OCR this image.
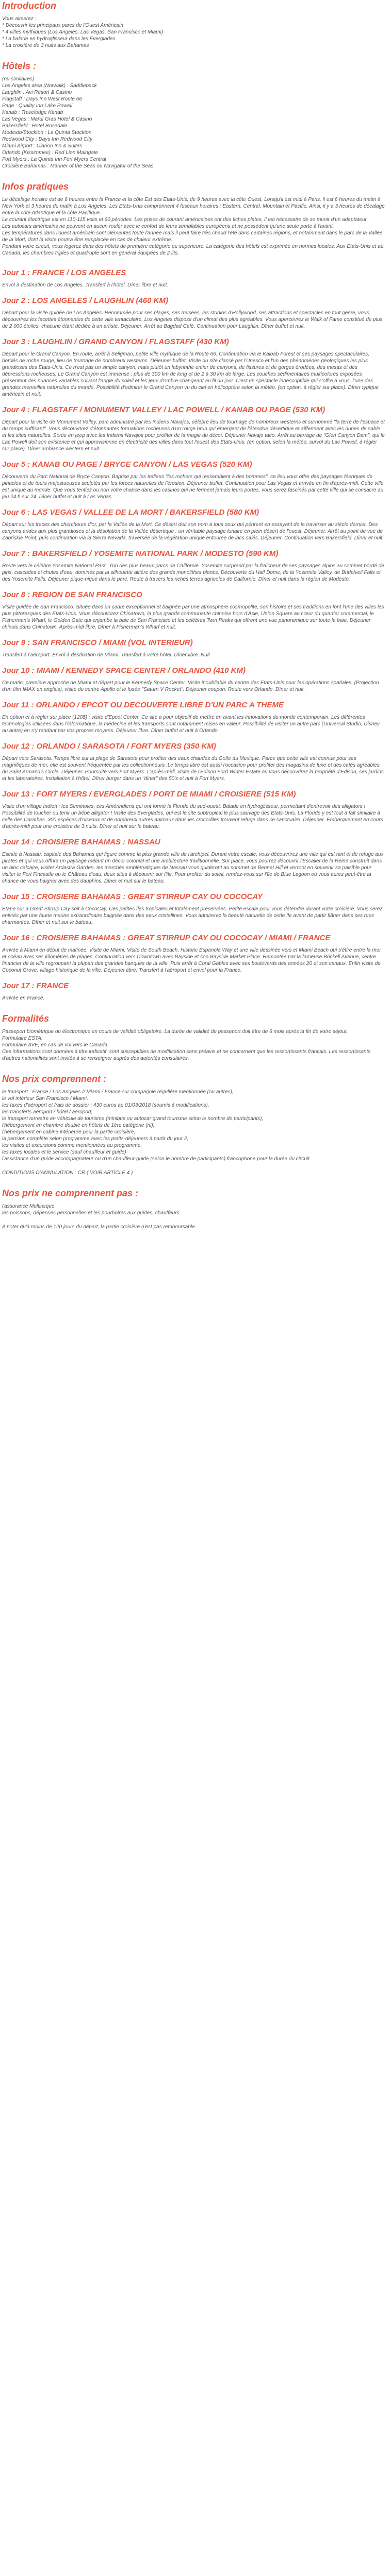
Introduction
Vous aimerez :
* Découvrir les principaux parcs de l'Ouest Américain
* 4 villes mythiques (Los Angeles, Las Vegas, San Francisco et Miami)
* La balade en hydroglisseur dans les Everglades
* La croisière de 3 nuits aux Bahamas
Hôtels :
(ou similaires)
Los Angeles area (Norwalk) : Saddleback
Laughlin : Avi Resort & Casino
Flagstaff : Days Inn West Route 66
Page : Quality Inn Lake Powell
Kanab : Travelodge Kanab
Las Vegas : Mardi Gras Hotel & Casino
Bakersfield : Hotel Rosedale
Modesto/Stockton : La Quinta Stockton
Redwood City : Days Inn Redwood City
Miami Airport : Clarion Inn & Suites
Orlando (Kissimmee) : Red Lion Maingate
Fort Myers : La Quinta Inn Fort Myers Central
Croisière Bahamas : Mariner of the Seas ou Navigator of the Seas
Infos pratiques
Le décalage horaire est de 6 heures entre la France et la côte Est des Etats-Unis, de 9 heures avec la côte Ouest. Lorsqu'il est midi à Paris, il est 6 heures du matin à New York et 3 heures du matin à Los Angeles. Les Etats-Unis comprennent 4 fuseaux horaires : Eastern, Central, Mountain et Pacific. Ainsi, il y a 3 heures de décalage entre la côte Atlantique et la côte Pacifique.
Le courant électrique est en 110-115 volts et 60 périodes. Les prises de courant américaines ont des fiches plates, il est nécessaire de se munir d'un adaptateur.
Les autocars américains ne peuvent en aucun rouler avec le confort de leurs semblables européens et ne possèdent qu'une seule porte à l'avant.
Les températures dans l'ouest américain sont clémentes toute l'année mais il peut faire très chaud l'été dans certaines régions, et notamment dans le parc de la Vallée de la Mort, dont la visite pourra être remplacée en cas de chaleur extrême.
Pendant votre circuit, vous logerez dans des hôtels de première catégorie ou supérieure. La catégorie des hôtels est exprimée en normes locales. Aux Etats-Unis et au Canada, les chambres triples et quadruple sont en général équipées de 2 lits.
Jour 1 : FRANCE / LOS ANGELES

Envol à destination de Los Angeles. Transfert à l'hôtel. Dîner libre et nuit.

Jour 2 : LOS ANGELES / LAUGHLIN (460 KM)

Départ pour la visite guidée de Los Angeles. Renommée pour ses plages, ses musées, les studios d'Hollywood, ses attractions et spectacles en tout genre, vous découvrirez les facettes étonnantes de cette ville tentaculaire. Los Angeles dispose d'un climat des plus agréables. Vous apercevrez le Walk of Fame constitué de plus de 2 000 étoiles, chacune étant dédiée à un artiste. Déjeuner. Arrêt au Bagdad Café. Continuation pour Laughlin. Dîner buffet et nuit.

Jour 3 : LAUGHLIN / GRAND CANYON / FLAGSTAFF (430 KM)

Départ pour le Grand Canyon. En route, arrêt à Seligman, petite ville mythique de la Route 66. Continuation via le Kaibab Forest et ses paysages spectaculaires, bordés de roche rouge, lieu de tournage de nombreux westerns. Déjeuner buffet. Visite du site classé par l'Unesco et l'un des phénomènes géologiques les plus grandioses des Etats-Unis. Ce n'est pas un simple canyon, mais plutôt un labyrinthe entier de canyons, de fissures et de gorges érodées, des mesas et des dépressions rocheuses. Le Grand Canyon est immense : plus de 300 km de long et de 2 à 30 km de large. Les couches sédimentaires multicolores exposées présentent des nuances variables suivant l'angle du soleil et les jeux d'ombre changeant au fil du jour. C'est un spectacle indescriptible qui s'offre à vous, l'une des grandes merveilles naturelles du monde. Possibilité d'admirer le Grand Canyon vu du ciel en hélicoptère selon la météo, (en option, à régler sur place). Dîner typique américain et nuit.

Jour 4 : FLAGSTAFF / MONUMENT VALLEY / LAC POWELL / KANAB OU PAGE (530 KM)

Départ pour la visite de Monument Valley, parc administré par les Indiens Navajos, célèbre lieu de tournage de nombreux westerns et surnommé "la terre de l'espace et du temps suffisant". Vous découvrirez d'étonnantes formations rocheuses d'un rouge brun qui émergent de l'étendue désertique et aiffennent avec les dunes de sable et les sites naturelles. Sortie en jeep avec les Indiens Navajos pour profiter de la magie du décor. Déjeuner Navajo taco. Arrêt au barrage de "Glen Canyon Dam", qui le Lac Powell doit son existence et qui approvisionne en électricité des villes dans tout l'ouest des Etats-Unis. (en option, selon la météo, survol du Lac Powell, à régler sur place). Dîner ambiance western et nuit.

Jour 5 : KANAB OU PAGE / BRYCE CANYON / LAS VEGAS (520 KM)

Découverte du Parc National de Bryce Canyon. Baptisé par les Indiens "les rochers qui ressemblent à des hommes", ce lieu vous offre des paysages féeriques de pinacles et de tours majestueuses sculptés par les forces naturelles de l'érosion. Déjeuner buffet. Continuation pour Las Vegas et arrivée en fin d'après-midi. Cette ville est unique au monde. Que vous tentiez ou non votre chance dans les casinos qui ne ferment jamais leurs portes, vous serez fascinés par cette ville qui se consacre au jeu 24 h sur 24. Dîner buffet et nuit à Las Vegas.

Jour 6 : LAS VEGAS / VALLEE DE LA MORT / BAKERSFIELD (580 KM)

Départ sur les traces des chercheurs d'or, par la Vallée de la Mort. Ce désert doit son nom à tous ceux qui périrent en essayant de la traverser au siècle dernier. Des canyons arides aux plus grandioses et la désolation de la Vallée désertique : un véritable paysage lunaire en plein désert de l'ouest. Déjeuner. Arrêt au point de vue de Zabriskie Point, puis continuation via la Sierra Nevada, traversée de la végétation unique entourée de lacs salés. Déjeuner. Continuation vers Bakersfield. Dîner et nuit.

Jour 7 : BAKERSFIELD / YOSEMITE NATIONAL PARK / MODESTO (590 KM)

Route vers le célèbre Yosemite National Park : l'un des plus beaux parcs de Californie. Yosemite surprend par la fraîcheur de ses paysages alpins au sommet bordé de pins, cascades et chutes d'eau, dominés par la silhouette altière des grands monolithes blancs. Découverte du Half Dome, de la Yosemite Valley, de Bridalveil Falls et des Yosemite Falls. Déjeuner pique-nique dans le parc. Route à travers les riches terres agricoles de Californie. Dîner et nuit dans la région de Modesto.

Jour 8 : REGION DE SAN FRANCISCO

Visite guidée de San Francisco. Située dans un cadre exceptionnel et baignée par une atmosphère cosmopolite, son histoire et ses traditions en font l'une des villes les plus pittoresques des Etats-Unis. Vous découvrirez Chinatown, la plus grande communauté chinoise hors d'Asie, Union Square au cœur du quartier commercial, le Fisherman's Wharf, le Golden Gate qui enjambe la baie de San Francisco et les célèbres Twin Peaks qui offrent une vue panoramique sur toute la baie. Déjeuner chinois dans Chinatown. Après-midi libre. Dîner à Fisherman's Wharf et nuit.

Jour 9 : SAN FRANCISCO / MIAMI (VOL INTERIEUR)

Transfert à l'aéroport. Envol à destination de Miami. Transfert à votre hôtel. Dîner libre. Nuit

Jour 10 : MIAMI / KENNEDY SPACE CENTER / ORLANDO (410 KM)

Ce matin, première approche de Miami et départ pour le Kennedy Space Center. Visite inoubliable du centre des Etats-Unis pour les opérations spatiales. (Projection d'un film IMAX en anglais), visite du centre Apollo et le fusée "Saturn V Rocket". Déjeuner coupon. Route vers Orlando. Dîner et nuit.

Jour 11 : ORLANDO / EPCOT OU DECOUVERTE LIBRE D'UN PARC A THEME

En option et à régler sur place (120$) : visite d'Epcot Center. Ce site a pour objectif de mettre en avant les innovations du monde contemporain. Les différentes technologies utilisées dans l'informatique, la médecine et les transports sont notamment mises en valeur. Possibilité de visiter un autre parc (Universal Studio, Disney ou autre) en s'y rendant par vos propres moyens. Déjeuner libre. Dîner buffet et nuit à Orlando.

Jour 12 : ORLANDO / SARASOTA / FORT MYERS (350 KM)

Départ vers Sarasota. Temps libre sur la plage de Sarasota pour profiter des eaux chaudes du Golfe du Mexique. Parce que cette ville est connue pour ses magnifiques de mer, elle est souvent fréquentée par les collectionneurs. Le temps libre est aussi l'occasion pour profiter des magasins de luxe et des cafés agréables du Saint Armand's Circle. Déjeuner. Poursuite vers Fort Myers. L'après-midi, visite de l'Edison Ford Winter Estate où vous découvrirez la propriété d'Edison, ses jardins et les laboratoires. Installation à l'hôtel. Dîner burger dans un "diner" des 50's et nuit à Fort Myers.

Jour 13 : FORT MYERS / EVERGLADES / PORT DE MIAMI / CROISIERE (515 KM)

Visite d'un village Indien : les Seminoles, ces Amérindiens qui ont formé la Floride du sud-ouest. Balade en hydroglisseur, permettant d'entrevoir des alligators ! Possibilité de toucher ou tenir un bébé alligator ! Visite des Everglades, qui est le site subtropical le plus sauvage des Etats-Unis. La Floride y est tout à fait similaire à celle des Caraïbes. 300 espèces d'oiseaux et de nombreux autres animaux dans les crocodiles trouvent refuge dans ce sanctuaire. Déjeuner. Embarquement en cours d'après-midi pour une croisière de 3 nuits. Dîner et nuit sur le bateau.

Jour 14 : CROISIERE BAHAMAS : NASSAU

Escale à Nassau, capitale des Bahamas qui figure comme la plus grande ville de l'archipel. Durant votre escale, vous découvrirez une ville qui est tant et de refuge aux pirates et qui vous offrira un paysage mêlant un décor colonial et une architecture traditionnelle. Sur place, vous pourrez découvrir l'Escalier de la Reine construit dans un bloc calcaire, visiter Ardastra Garden, les marchés emblématiques de Nassau vous guideront au sommet de Bennet Hill et verront en souvenir sa paisible pour visiter le Fort Fincastle ou le Château d'eau, deux sites à découvrir sur l'île. Pour profiter du soleil, rendez-vous sur l'île de Blue Lagoon où vous aurez peut-être la chance de vous baigner avec des dauphins. Dîner et nuit sur le bateau.

Jour 15 : CROISIERE BAHAMAS : GREAT STIRRUP CAY OU COCOCAY

Étape sur à Great Stirrup Cay soit à CocoCay. Ces petites îles tropicales et totalement préservées. Petite escale pour vous détendre durant votre croisière. Vous serez enivrés par une faune marine extraordinaire baignée dans des eaux cristallines. Vous admirerez la beauté naturelle de cette île avant de partir flâner dans ses rues charmantes. Dîner et nuit sur le bateau.

Jour 16 : CROISIERE BAHAMAS : GREAT STIRRUP CAY OU COCOCAY / MIAMI / FRANCE

Arrivée à Miami en début de matinée. Visite de Miami. Visite de South Beach, Historic Espanola Way et une ville dessinée vers et Miami Beach qui s'étire entre la mer et océan avec ses kilomètres de plages. Continuation vers Downtown avec Bayside et son Bayside Market Place. Remontée par la fameuse Brickell Avenue, centre financier de la ville regroupant la plupart des grandes banques de la ville. Puis arrêt à Coral Gables avec ses boulevards des années 20 et son canaux. Enfin visite de Coconut Grove, village historique de la ville. Déjeuner libre. Transfert à l'aéroport et envol pour la France.

Jour 17 : FRANCE

Arrivée en France.

Formalités
Passeport biométrique ou électronique en cours de validité obligatoire. La durée de validité du passeport doit être de 6 mois après la fin de votre séjour.
Formulaire ESTA.
Formulaire AVE, en cas de vol vers le Canada.
Ces informations sont données à titre indicatif, sont susceptibles de modification sans préavis et ne concernent que les ressortissants français. Les ressortissants d'autres nationalités sont invités à se renseigner auprès des autorités consulaires.
Nos prix comprennent :
le transport : France / Los Angeles // Miami / France sur compagnie régulière mentionnée (ou autres),
le vol intérieur San Francisco / Miami,
les taxes d'aéroport et frais de dossier : 430 euros au 01/03/2018 (soumis à modifications),
les transferts aéroport / hôtel / aéroport,
le transport terrestre en véhicule de tourisme (minibus ou autocar grand tourisme selon le nombre de participants),
l'hébergement en chambre double en hôtels de 1ère catégorie (nl),
l'hébergement en cabine intérieure pour la partie croisière,
la pension complète selon programme avec les petits-déjeuners à partir du jour 2,
les visites et excursions comme mentionnées au programme,
les taxes locales et le service (sauf chauffeur et guide)
l'assistance d'un guide accompagnateur ou d'un chauffeur-guide (selon le nombre de participants) francophone pour la durée du circuit.

CONDITIONS D'ANNULATION : CR ( VOIR ARTICLE 4 )

Nos prix ne comprennent pas :
l'assurance Multirisque
les boissons, dépenses personnelles et les pourboires aux guides, chauffeurs.
A noter qu'à moins de 120 jours du départ, la partie croisière n'est pas remboursable.
